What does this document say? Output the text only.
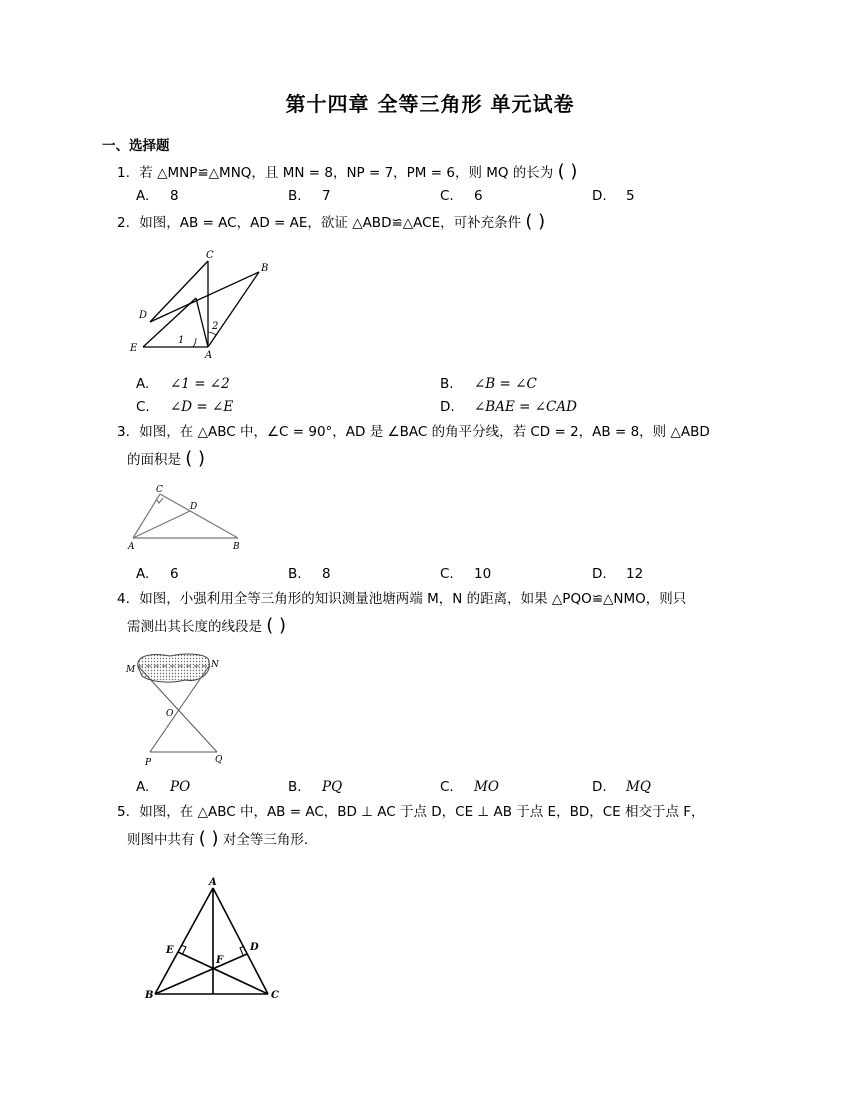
第十四章 全等三角形 单元试卷
一、选择题
1. 若 △MNP≌△MNQ，且 MN = 8，NP = 7，PM = 6，则 MQ 的长为 ( )
A. 8	B. 7	C. 6	D. 5
2. 如图，AB = AC，AD = AE，欲证 △ABD≌△ACE，可补充条件 ( )
C
B
D
E
A
1
2
A. ∠1 = ∠2	B. ∠B = ∠C
C. ∠D = ∠E	D. ∠BAE = ∠CAD
3. 如图，在 △ABC 中，∠C = 90°，AD 是 ∠BAC 的角平分线，若 CD = 2，AB = 8，则 △ABD
的面积是 ( )
C
D
A	B
A. 6	B. 8	C. 10	D. 12
4. 如图，小强利用全等三角形的知识测量池塘两端 M，N 的距离，如果 △PQO≌△NMO，则只
需测出其长度的线段是 ( )
M	N
O
P	Q
A. PO	B. PQ	C. MO	D. MQ
5. 如图，在 △ABC 中，AB = AC，BD ⊥ AC 于点 D，CE ⊥ AB 于点 E，BD，CE 相交于点 F，
则图中共有 ( ) 对全等三角形.
A
E	D
F
B	C
